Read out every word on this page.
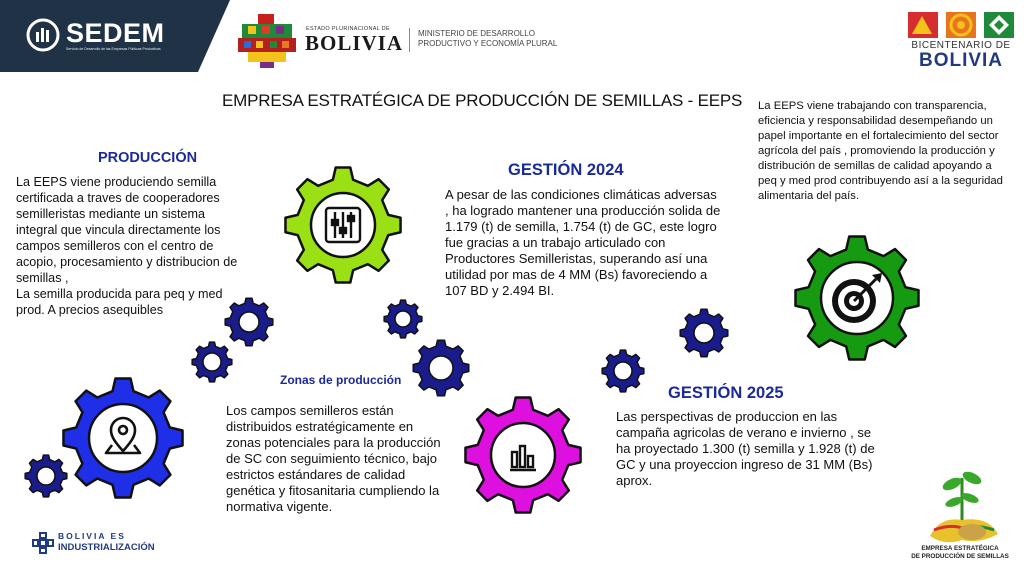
SEDEM
Servicio de Desarrollo de las Empresas Públicas Productivas
ESTADO PLURINACIONAL DE
BOLIVIA MINISTERIO DE DESARROLLO
PRODUCTIVO Y ECONOMÍA PLURAL	BICENTENARIO DE
BOLIVIA
EMPRESA ESTRATÉGICA DE PRODUCCIÓN DE SEMILLAS - EEPS La EEPS viene trabajando con transparencia, eficiencia y responsabilidad desempeñando un papel importante en el fortalecimiento del sector agrícola del país , promoviendo la producción y distribución de semillas de calidad apoyando a peq y med prod contribuyendo así a la seguridad alimentaria del país.
PRODUCCIÓN
La EEPS viene produciendo semilla certificada a traves de cooperadores semilleristas mediante un sistema integral que vincula directamente los campos semilleros con el centro de acopio, procesamiento y distribucion de semillas ,
La semilla producida para peq y med prod. A precios asequibles
GESTIÓN 2024
A pesar de las condiciones climáticas adversas , ha logrado mantener una producción solida de 1.179 (t) de semilla, 1.754 (t) de GC, este logro fue gracias a un trabajo articulado con Productores Semilleristas, superando así una utilidad por mas de 4 MM (Bs) favoreciendo a 107 BD y 2.494 BI.
Zonas de producción
Los campos semilleros están distribuidos estratégicamente en zonas potenciales para la producción de SC con seguimiento técnico, bajo estrictos estándares de calidad genética y fitosanitaria cumpliendo la normativa vigente.
GESTIÓN 2025
Las perspectivas de produccion en las campaña agricolas de verano e invierno , se ha proyectado 1.300 (t) semilla y 1.928 (t) de GC y una proyeccion ingreso de 31 MM (Bs) aprox.
BOLIVIA ES
INDUSTRIALIZACIÓN	EMPRESA ESTRATÉGICA
DE PRODUCCIÓN DE SEMILLAS
